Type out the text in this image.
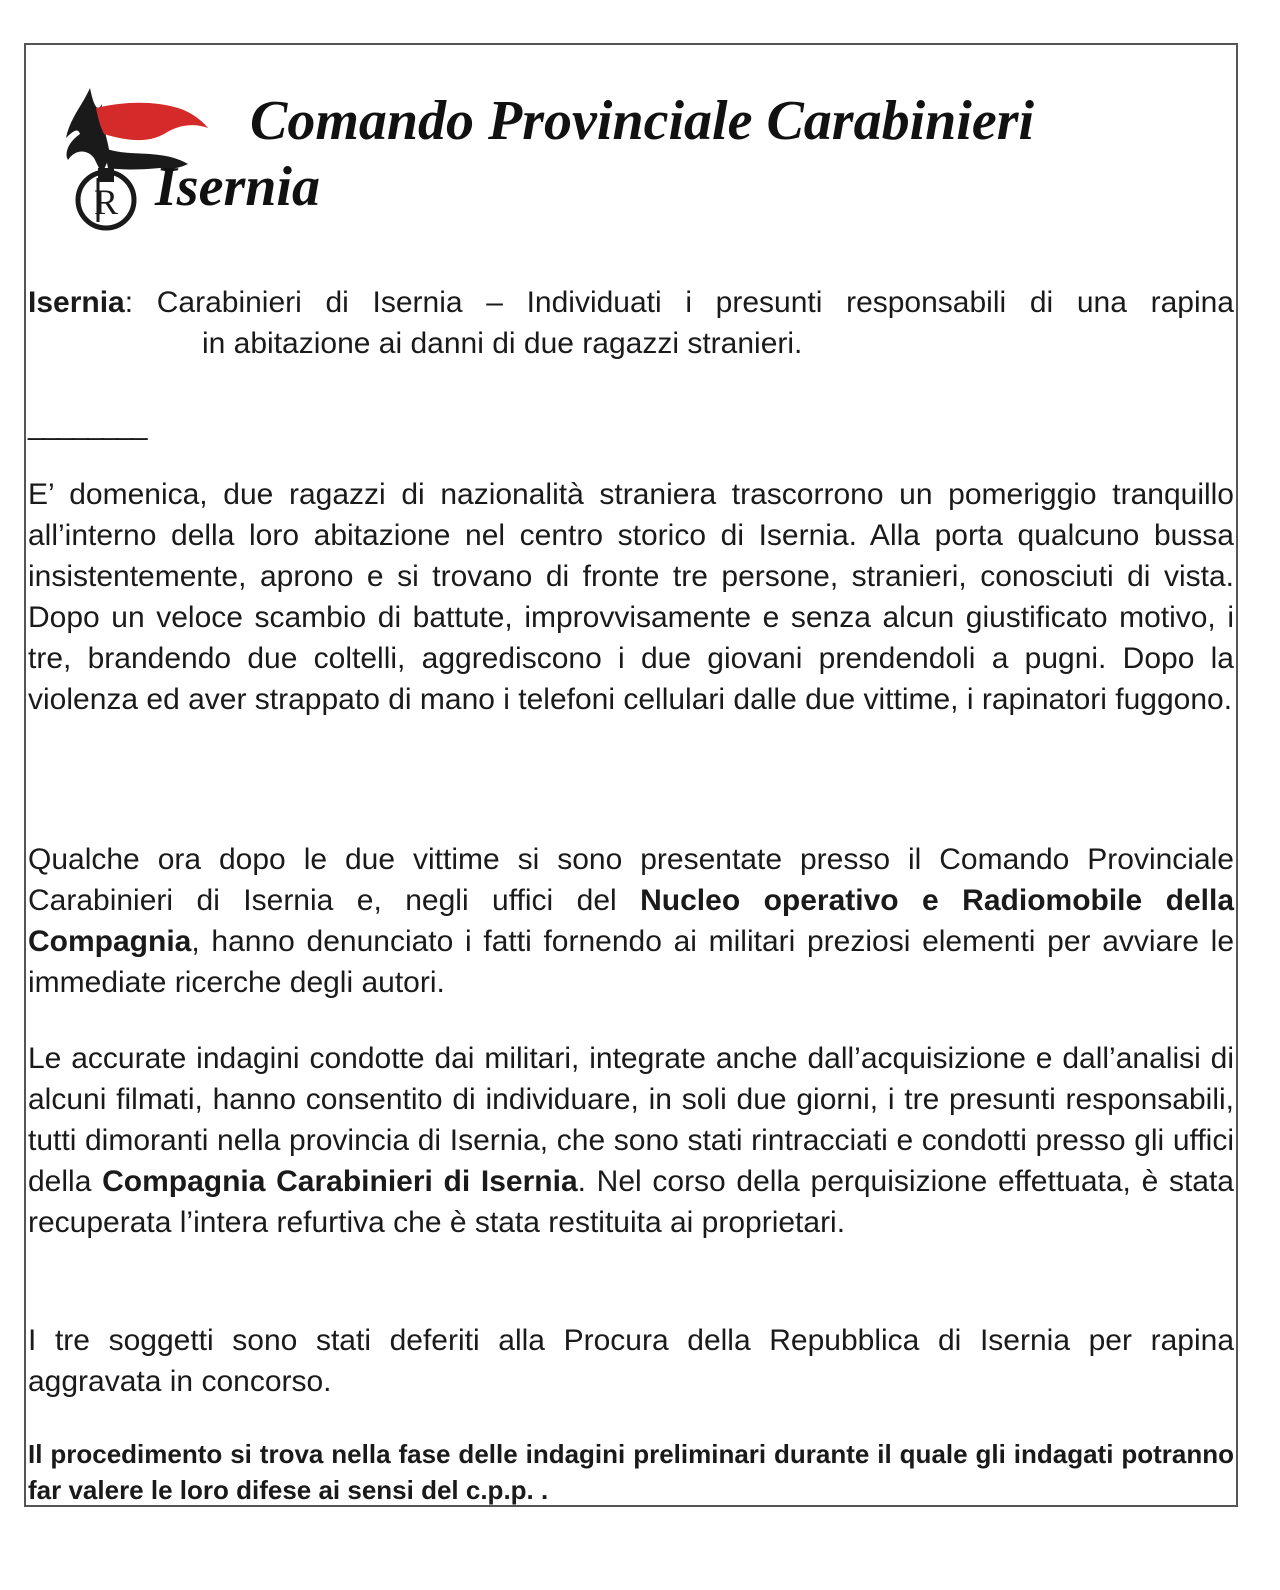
R
Comando Provinciale Carabinieri
Isernia
Isernia: Carabinieri di Isernia – Individuati i presunti responsabili di una rapina
in abitazione ai danni di due ragazzi stranieri.
________

E’ domenica, due ragazzi di nazionalità straniera trascorrono un pomeriggio tranquillo all’interno della loro abitazione nel centro storico di Isernia. Alla porta qualcuno bussa insistentemente, aprono e si trovano di fronte tre persone, stranieri, conosciuti di vista. Dopo un veloce scambio di battute, improvvisamente e senza alcun giustificato motivo, i tre, brandendo due coltelli, aggrediscono i due giovani prendendoli a pugni. Dopo la violenza ed aver strappato di mano i telefoni cellulari dalle due vittime, i rapinatori fuggono.

Qualche ora dopo le due vittime si sono presentate presso il Comando Provinciale Carabinieri di Isernia e, negli uffici del Nucleo operativo e Radiomobile della Compagnia, hanno denunciato i fatti fornendo ai militari preziosi elementi per avviare le immediate ricerche degli autori.

Le accurate indagini condotte dai militari, integrate anche dall’acquisizione e dall’analisi di alcuni filmati, hanno consentito di individuare, in soli due giorni, i tre presunti responsabili, tutti dimoranti nella provincia di Isernia, che sono stati rintracciati e condotti presso gli uffici della Compagnia Carabinieri di Isernia. Nel corso della perquisizione effettuata, è stata recuperata l’intera refurtiva che è stata restituita ai proprietari.

I tre soggetti sono stati deferiti alla Procura della Repubblica di Isernia per rapina aggravata in concorso.

Il procedimento si trova nella fase delle indagini preliminari durante il quale gli indagati potranno far valere le loro difese ai sensi del c.p.p. .
